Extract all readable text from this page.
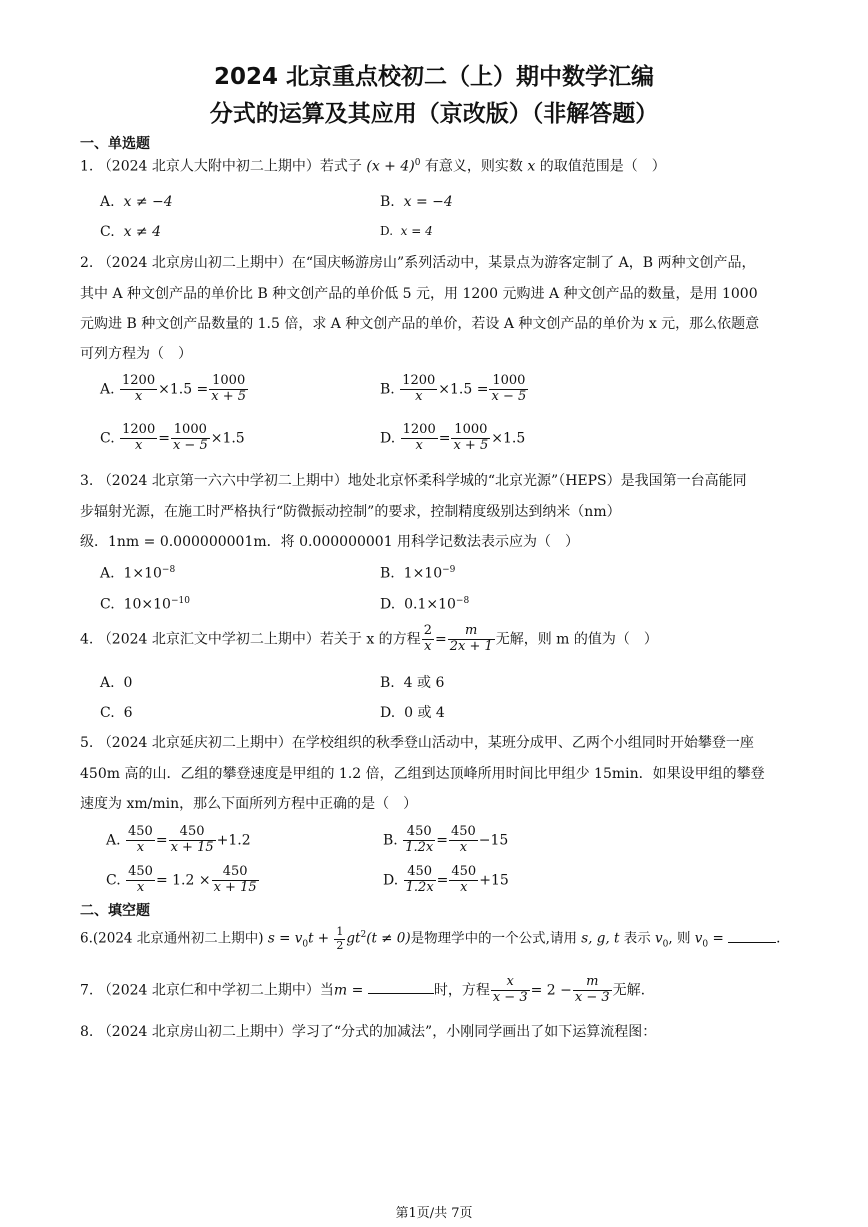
2024 北京重点校初二（上）期中数学汇编
分式的运算及其应用（京改版）（非解答题）
一、单选题
1. （2024 北京人大附中初二上期中）若式子 $(x + 4)^0$ 有意义，则实数 x 的取值范围是（　）
A. x ≠ −4	B. x = −4
C. x ≠ 4	D. x = 4
2. （2024 北京房山初二上期中）在“国庆畅游房山”系列活动中，某景点为游客定制了 A，B 两种文创产品，
其中 A 种文创产品的单价比 B 种文创产品的单价低 5 元，用 1200 元购进 A 种文创产品的数量，是用 1000
元购进 B 种文创产品数量的 1.5 倍，求 A 种文创产品的单价，若设 A 种文创产品的单价为 x 元，那么依题意
可列方程为（　）
A. $\frac{1200}{x} \times 1.5 = \frac{1000}{x + 5}$	B. $\frac{1200}{x} \times 1.5 = \frac{1000}{x - 5}$
C. $\frac{1200}{x} = \frac{1000}{x - 5} \times 1.5$	D. $\frac{1200}{x} = \frac{1000}{x + 5} \times 1.5$
3. （2024 北京第一六六中学初二上期中）地处北京怀柔科学城的“北京光源”（HEPS）是我国第一台高能同
步辐射光源，在施工时严格执行“防微振动控制”的要求，控制精度级别达到纳米（nm）
级．1nm = 0.000000001m．将 0.000000001 用科学记数法表示应为（　）
A. $1\times 10^{-8}$	B. $1\times 10^{-9}$
C. $10\times 10^{-10}$	D. $0.1\times 10^{-8}$
4. （2024 北京汇文中学初二上期中）若关于 x 的方程 $\frac{2}{x} = \frac{m}{2x + 1}$ 无解，则 m 的值为（　）
A. 0	B. 4 或 6
C. 6	D. 0 或 4
5. （2024 北京延庆初二上期中）在学校组织的秋季登山活动中，某班分成甲、乙两个小组同时开始攀登一座
450m 高的山．乙组的攀登速度是甲组的 1.2 倍，乙组到达顶峰所用时间比甲组少 15min．如果设甲组的攀登
速度为 xm/min，那么下面所列方程中正确的是（　）
A. $\frac{450}{x} = \frac{450}{x + 15} +1.2$	B. $\frac{450}{1.2x} = \frac{450}{x} -15$
C. $\frac{450}{x} = 1.2 \times \frac{450}{x + 15}$	D. $\frac{450}{1.2x} = \frac{450}{x} +15$
二、填空题
6.(2024 北京通州初二上期中) $s = v_0t + \frac{1}{2} gt^2(t \ne 0)$是物理学中的一个公式,请用 s, g, t 表示 $v_0$, 则 $v_0$ =	.
7. （2024 北京仁和中学初二上期中）当m =	时，方程 $\frac{x}{x - 3} = 2 - \frac{m}{x - 3}$ 无解.
8. （2024 北京房山初二上期中）学习了“分式的加减法”，小刚同学画出了如下运算流程图：
第1页/共 7页
